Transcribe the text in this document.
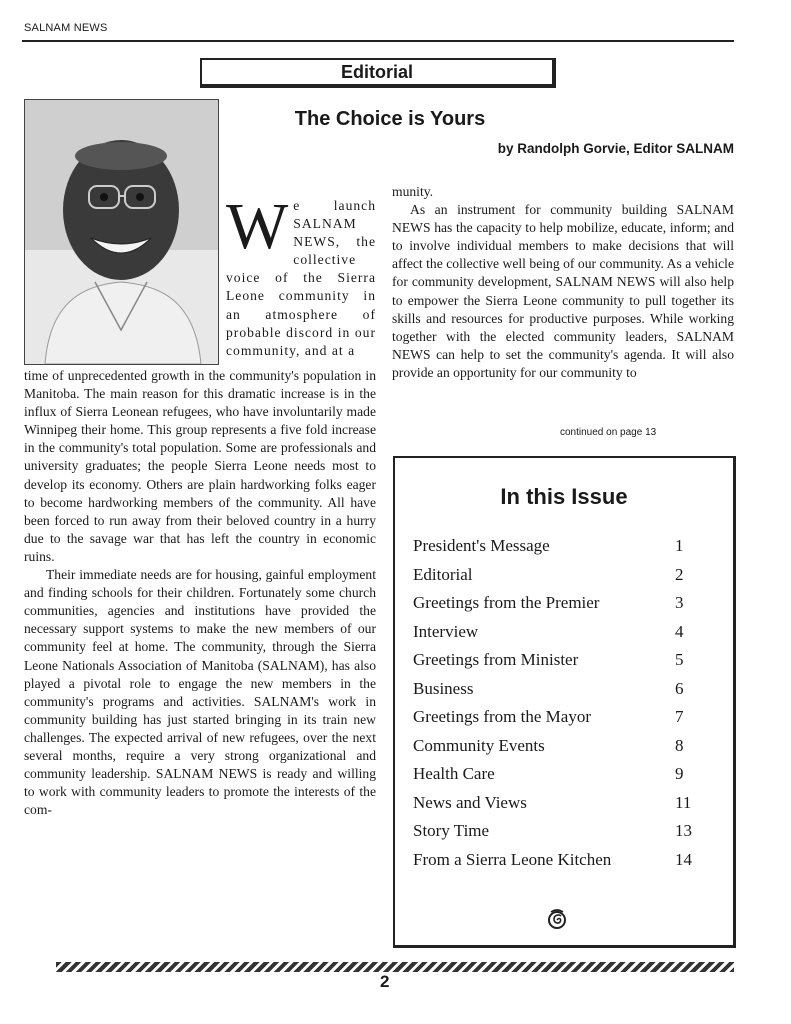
SALNAM NEWS
Editorial
The Choice is Yours
by Randolph Gorvie, Editor SALNAM
We launch SALNAM NEWS, the collective voice of the Sierra Leone community in an atmosphere of probable discord in our community, and at a

time of unprecedented growth in the community's population in Manitoba. The main reason for this dramatic increase is in the influx of Sierra Leonean refugees, who have involuntarily made Winnipeg their home. This group represents a five fold increase in the community's total population. Some are professionals and university graduates; the people Sierra Leone needs most to develop its economy. Others are plain hardworking folks eager to become hardworking members of the community. All have been forced to run away from their beloved country in a hurry due to the savage war that has left the country in economic ruins.

Their immediate needs are for housing, gainful employment and finding schools for their children. Fortunately some church communities, agencies and institutions have provided the necessary support systems to make the new members of our community feel at home. The community, through the Sierra Leone Nationals Association of Manitoba (SALNAM), has also played a pivotal role to engage the new members in the community's programs and activities. SALNAM's work in community building has just started bringing in its train new challenges. The expected arrival of new refugees, over the next several months, require a very strong organizational and community leadership. SALNAM NEWS is ready and willing to work with community leaders to promote the interests of the com-

munity.

As an instrument for community building SALNAM NEWS has the capacity to help mobilize, educate, inform; and to involve individual members to make decisions that will affect the collective well being of our community. As a vehicle for community development, SALNAM NEWS will also help to empower the Sierra Leone community to pull together its skills and resources for productive purposes. While working together with the elected community leaders, SALNAM NEWS can help to set the community's agenda. It will also provide an opportunity for our community to

continued on page 13
In this Issue
President's Message	1
Editorial	2
Greetings from the Premier	3
Interview	4
Greetings from Minister	5
Business	6
Greetings from the Mayor	7
Community Events	8
Health Care	9
News and Views	11
Story Time	13
From a Sierra Leone Kitchen	14
2
